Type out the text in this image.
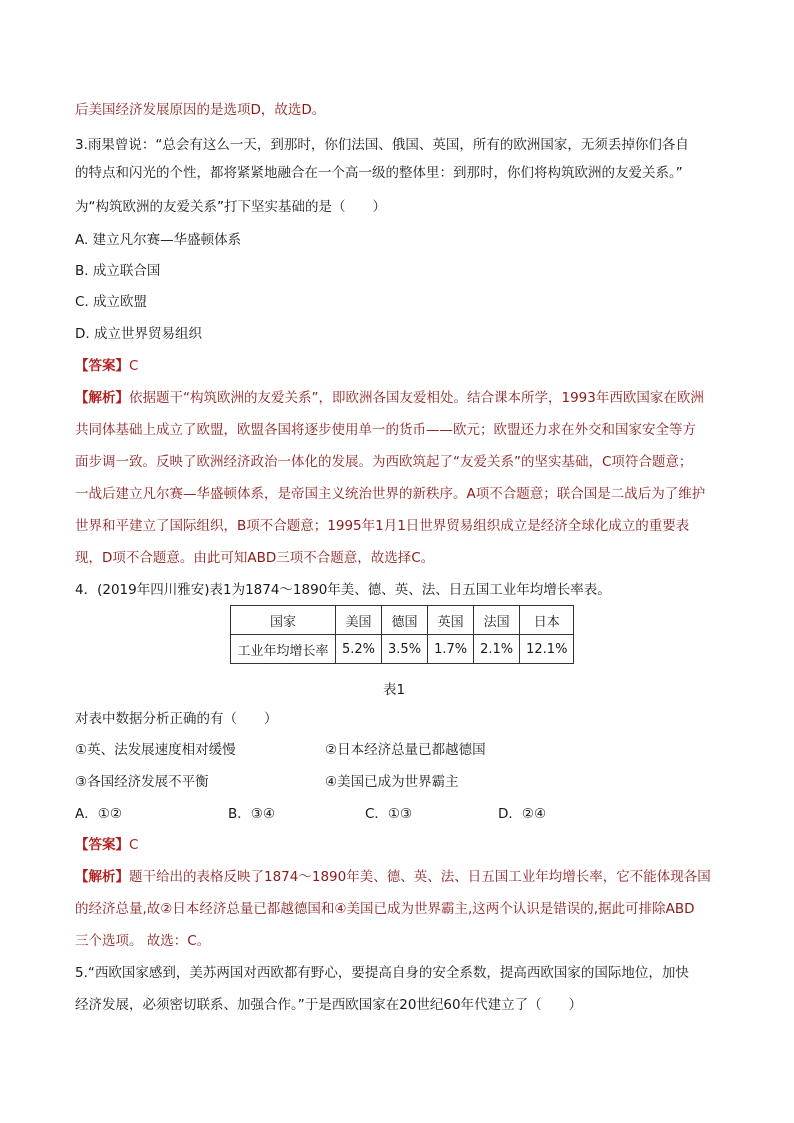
后美国经济发展原因的是选项D，故选D。
3.雨果曾说：“总会有这么一天，到那时，你们法国、俄国、英国，所有的欧洲国家，无须丢掉你们各自
的特点和闪光的个性，都将紧紧地融合在一个高一级的整体里：到那时，你们将构筑欧洲的友爱关系。”
为“构筑欧洲的友爱关系”打下坚实基础的是（　　）
A. 建立凡尔赛—华盛顿体系
B. 成立联合国
C. 成立欧盟
D. 成立世界贸易组织
【答案】C
【解析】依据题干“构筑欧洲的友爱关系”，即欧洲各国友爱相处。结合课本所学，1993年西欧国家在欧洲
共同体基础上成立了欧盟，欧盟各国将逐步使用单一的货币——欧元；欧盟还力求在外交和国家安全等方
面步调一致。反映了欧洲经济政治一体化的发展。为西欧筑起了“友爱关系”的坚实基础，C项符合题意；
一战后建立凡尔赛—华盛顿体系，是帝国主义统治世界的新秩序。A项不合题意；联合国是二战后为了维护
世界和平建立了国际组织，B项不合题意；1995年1月1日世界贸易组织成立是经济全球化成立的重要表
现，D项不合题意。由此可知ABD三项不合题意，故选择C。
4．(2019年四川雅安)表1为1874～1890年美、德、英、法、日五国工业年均增长率表。
国家	美国	德国	英国	法国	日本
工业年均增长率	5.2%	3.5%	1.7%	2.1%	12.1%
表1
对表中数据分析正确的有（　　）
①英、法发展速度相对缓慢	②日本经济总量已都越德国
③各国经济发展不平衡	④美国已成为世界霸主
A．①②	B．③④	C．①③	D．②④
【答案】C
【解析】题干给出的表格反映了1874～1890年美、德、英、法、日五国工业年均增长率，它不能体现各国
的经济总量,故②日本经济总量已都越德国和④美国已成为世界霸主,这两个认识是错误的,据此可排除ABD
三个选项。 故选：C。
5.“西欧国家感到，美苏两国对西欧都有野心，要提高自身的安全系数，提高西欧国家的国际地位，加快
经济发展，必须密切联系、加强合作。”于是西欧国家在20世纪60年代建立了（　　）
